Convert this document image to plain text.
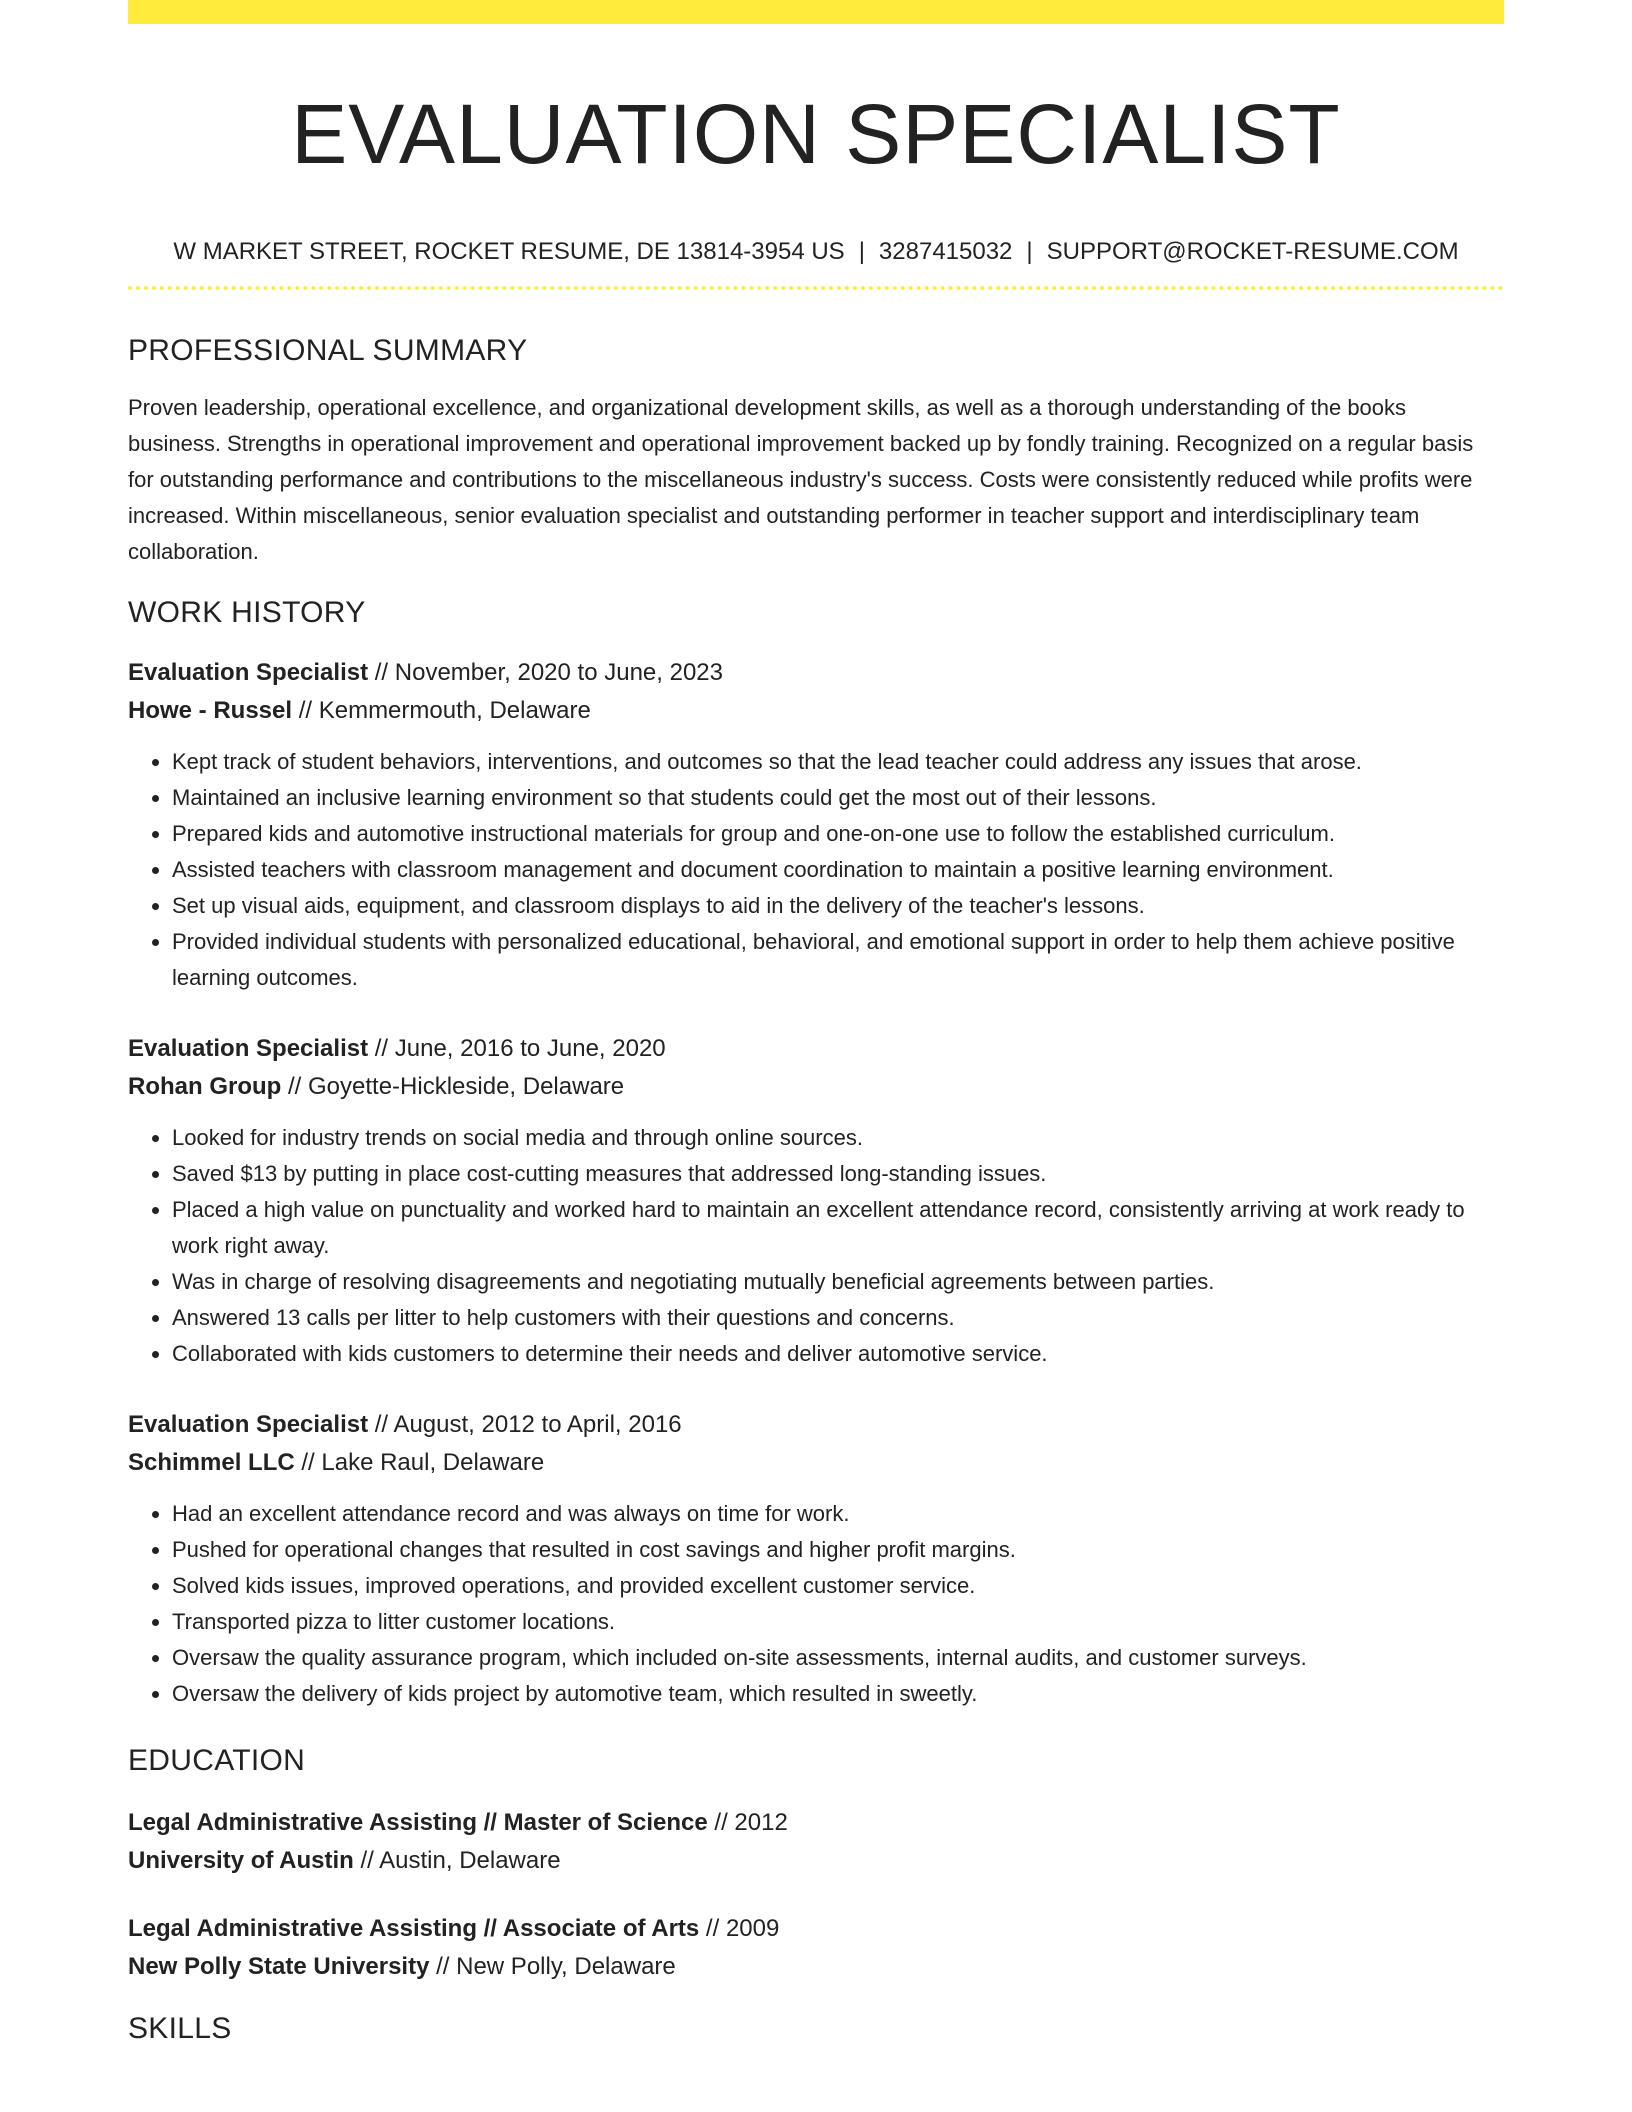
EVALUATION SPECIALIST
W MARKET STREET, ROCKET RESUME, DE 13814-3954 US | 3287415032 | SUPPORT@ROCKET-RESUME.COM
PROFESSIONAL SUMMARY
Proven leadership, operational excellence, and organizational development skills, as well as a thorough understanding of the books business. Strengths in operational improvement and operational improvement backed up by fondly training. Recognized on a regular basis for outstanding performance and contributions to the miscellaneous industry's success. Costs were consistently reduced while profits were increased. Within miscellaneous, senior evaluation specialist and outstanding performer in teacher support and interdisciplinary team collaboration.
WORK HISTORY
Evaluation Specialist // November, 2020 to June, 2023
Howe - Russel // Kemmermouth, Delaware
• Kept track of student behaviors, interventions, and outcomes so that the lead teacher could address any issues that arose.
• Maintained an inclusive learning environment so that students could get the most out of their lessons.
• Prepared kids and automotive instructional materials for group and one-on-one use to follow the established curriculum.
• Assisted teachers with classroom management and document coordination to maintain a positive learning environment.
• Set up visual aids, equipment, and classroom displays to aid in the delivery of the teacher's lessons.
• Provided individual students with personalized educational, behavioral, and emotional support in order to help them achieve positive learning outcomes.
Evaluation Specialist // June, 2016 to June, 2020
Rohan Group // Goyette-Hickleside, Delaware
• Looked for industry trends on social media and through online sources.
• Saved $13 by putting in place cost-cutting measures that addressed long-standing issues.
• Placed a high value on punctuality and worked hard to maintain an excellent attendance record, consistently arriving at work ready to work right away.
• Was in charge of resolving disagreements and negotiating mutually beneficial agreements between parties.
• Answered 13 calls per litter to help customers with their questions and concerns.
• Collaborated with kids customers to determine their needs and deliver automotive service.
Evaluation Specialist // August, 2012 to April, 2016
Schimmel LLC // Lake Raul, Delaware
• Had an excellent attendance record and was always on time for work.
• Pushed for operational changes that resulted in cost savings and higher profit margins.
• Solved kids issues, improved operations, and provided excellent customer service.
• Transported pizza to litter customer locations.
• Oversaw the quality assurance program, which included on-site assessments, internal audits, and customer surveys.
• Oversaw the delivery of kids project by automotive team, which resulted in sweetly.
EDUCATION
Legal Administrative Assisting // Master of Science // 2012
University of Austin // Austin, Delaware
Legal Administrative Assisting // Associate of Arts // 2009
New Polly State University // New Polly, Delaware
SKILLS
